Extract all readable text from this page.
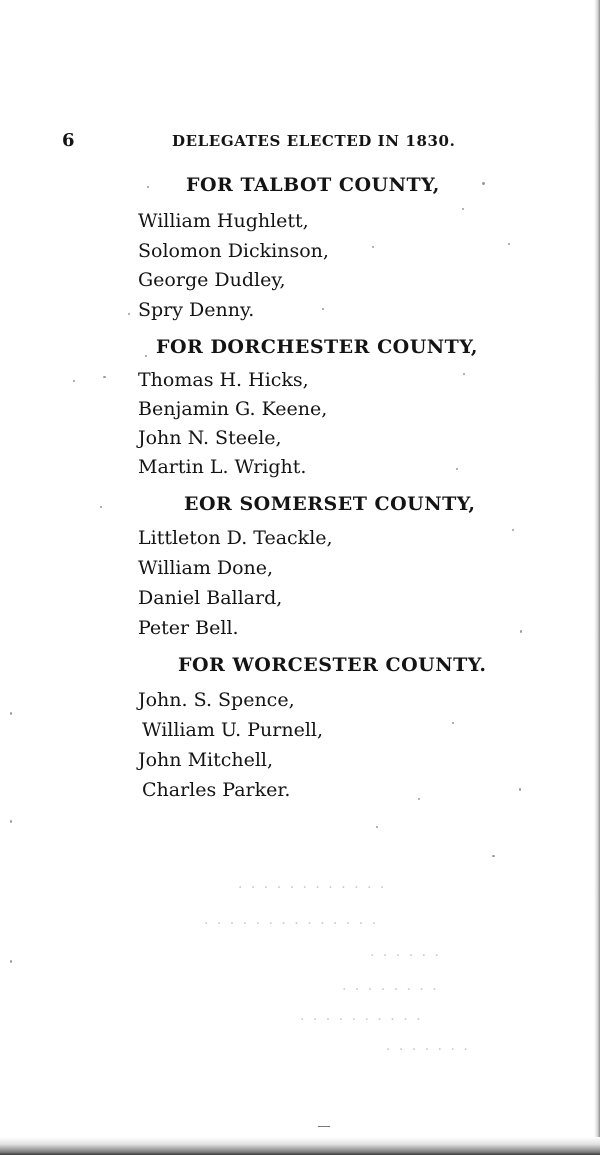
6	DELEGATES ELECTED IN 1830.
FOR TALBOT COUNTY,
William Hughlett,
Solomon Dickinson,
George Dudley,
Spry Denny.
FOR DORCHESTER COUNTY,
Thomas H. Hicks,
Benjamin G. Keene,
John N. Steele,
Martin L. Wright.
EOR SOMERSET COUNTY,
Littleton D. Teackle,
William Done,
Daniel Ballard,
Peter Bell.
FOR WORCESTER COUNTY.
John. S. Spence,
William U. Purnell,
John Mitchell,
Charles Parker.
· · · · · · · · · · · ·
· · · · · · · · · · · · · ·
· · · · · ·
· · · · · · · ·
· · · · · · · · · ·
· · · · · · ·
